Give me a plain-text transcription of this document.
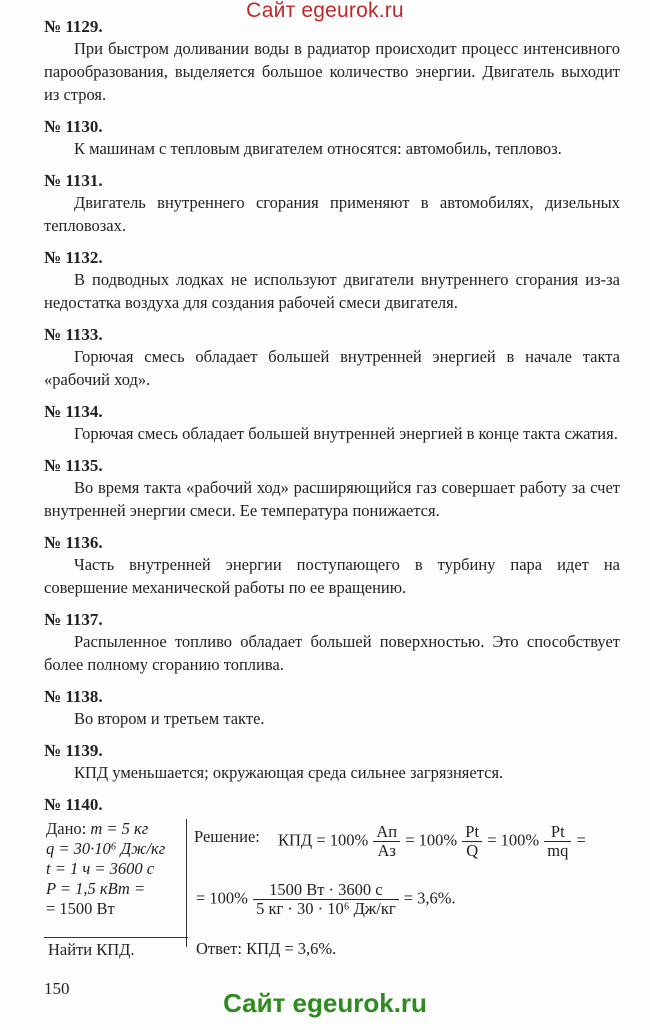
Сайт egeurok.ru
№ 1129.
При быстром доливании воды в радиатор происходит процесс интенсивного парообразования, выделяется большое количество энергии. Двигатель выходит из строя.
№ 1130.
К машинам с тепловым двигателем относятся: автомобиль, тепловоз.
№ 1131.
Двигатель внутреннего сгорания применяют в автомобилях, дизельных тепловозах.
№ 1132.
В подводных лодках не используют двигатели внутреннего сгорания из-за недостатка воздуха для создания рабочей смеси двигателя.
№ 1133.
Горючая смесь обладает большей внутренней энергией в начале такта «рабочий ход».
№ 1134.
Горючая смесь обладает большей внутренней энергией в конце такта сжатия.
№ 1135.
Во время такта «рабочий ход» расширяющийся газ совершает работу за счет внутренней энергии смеси. Ее температура понижается.
№ 1136.
Часть внутренней энергии поступающего в турбину пара идет на совершение механической работы по ее вращению.
№ 1137.
Распыленное топливо обладает большей поверхностью. Это способствует более полному сгоранию топлива.
№ 1138.
Во втором и третьем такте.
№ 1139.
КПД уменьшается; окружающая среда сильнее загрязняется.
№ 1140.
Дано: m = 5 кг
q = 30·10⁶ Дж/кг
t = 1 ч = 3600 с
P = 1,5 кВт =
= 1500 Вт
Найти КПД.
Решение: КПД = $100\% \frac{Aп}{Aз} = 100\% \frac{Pt}{Q} = 100\% \frac{Pt}{mq}$ =
= $100\% \frac{1500 Вт \cdot 3600 с}{\text{5 кг · 30 · 10⁶ Дж/кг}} = 3,6\%$.
Ответ: КПД = 3,6%.
150	Сайт egeurok.ru
